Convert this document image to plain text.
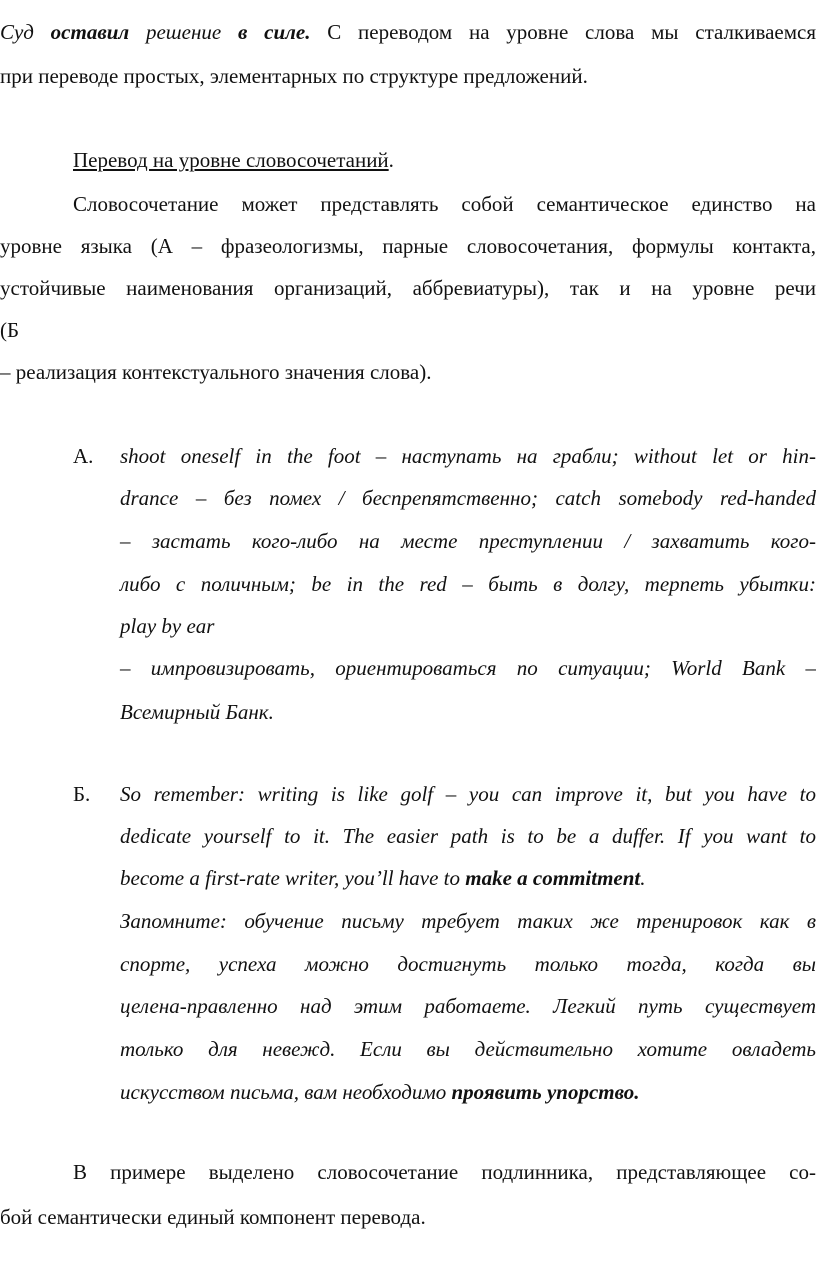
Суд оставил решение в силе. С переводом на уровне слова мы сталкиваемся
при переводе простых, элементарных по структуре предложений.
Перевод на уровне словосочетаний.
Словосочетание может представлять собой семантическое единство на
уровне языка (А – фразеологизмы, парные словосочетания, формулы контакта,
устойчивые наименования организаций, аббревиатуры), так и на уровне речи
(Б
– реализация контекстуального значения слова).
А. shoot oneself in the foot – наступать на грабли; without let or hin-
drance – без помех / беспрепятственно; catch somebody red-handed
– застать кого-либо на месте преступлении / захватить кого-
либо с поличным; be in the red – быть в долгу, терпеть убытки:
play by ear
– импровизировать, ориентироваться по ситуации; World Bank –
Всемирный Банк.
Б. So remember: writing is like golf – you can improve it, but you have to
dedicate yourself to it. The easier path is to be a duffer. If you want to
become a first-rate writer, you’ll have to make a commitment.
Запомните: обучение письму требует таких же тренировок как в
спорте, успеха можно достигнуть только тогда, когда вы
целена-правленно над этим работаете. Легкий путь существует
только для невежд. Если вы действительно хотите овладеть
искусством письма, вам необходимо проявить упорство.
В примере выделено словосочетание подлинника, представляющее со-
бой семантически единый компонент перевода.
